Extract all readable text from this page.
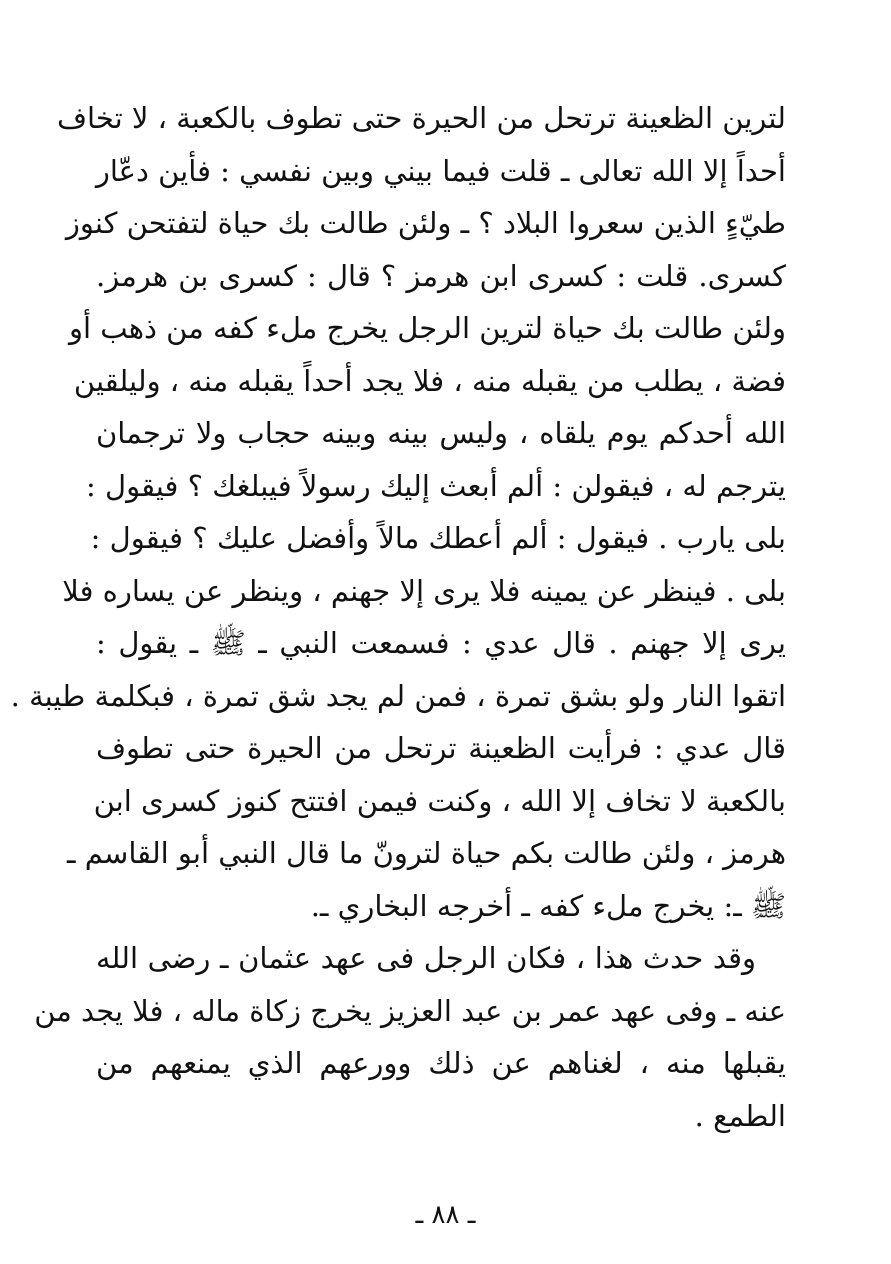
لترين الظعينة ترتحل من الحيرة حتى تطوف بالكعبة ، لا تخاف
أحداً إلا الله تعالى ـ قلت فيما بيني وبين نفسي : فأين دعّار
طيّءٍ الذين سعروا البلاد ؟ ـ ولئن طالت بك حياة لتفتحن كنوز
كسرى. قلت : كسرى ابن هرمز ؟ قال : كسرى بن هرمز.
ولئن طالت بك حياة لترين الرجل يخرج ملء كفه من ذهب أو
فضة ، يطلب من يقبله منه ، فلا يجد أحداً يقبله منه ، وليلقين
الله أحدكم يوم يلقاه ، وليس بينه وبينه حجاب ولا ترجمان
يترجم له ، فيقولن : ألم أبعث إليك رسولاً فيبلغك ؟ فيقول :
بلى يارب . فيقول : ألم أعطك مالاً وأفضل عليك ؟ فيقول :
بلى . فينظر عن يمينه فلا يرى إلا جهنم ، وينظر عن يساره فلا
يرى إلا جهنم . قال عدي : فسمعت النبي ـ ﷺ ـ يقول :
اتقوا النار ولو بشق تمرة ، فمن لم يجد شق تمرة ، فبكلمة طيبة .
قال عدي : فرأيت الظعينة ترتحل من الحيرة حتى تطوف
بالكعبة لا تخاف إلا الله ، وكنت فيمن افتتح كنوز كسرى ابن
هرمز ، ولئن طالت بكم حياة لترونّ ما قال النبي أبو القاسم ـ
ﷺ ـ: يخرج ملء كفه ـ أخرجه البخاري ـ.
وقد حدث هذا ، فكان الرجل فى عهد عثمان ـ رضى الله
عنه ـ وفى عهد عمر بن عبد العزيز يخرج زكاة ماله ، فلا يجد من
يقبلها منه ، لغناهم عن ذلك وورعهم الذي يمنعهم من
الطمع .
ـ ٨٨ ـ
